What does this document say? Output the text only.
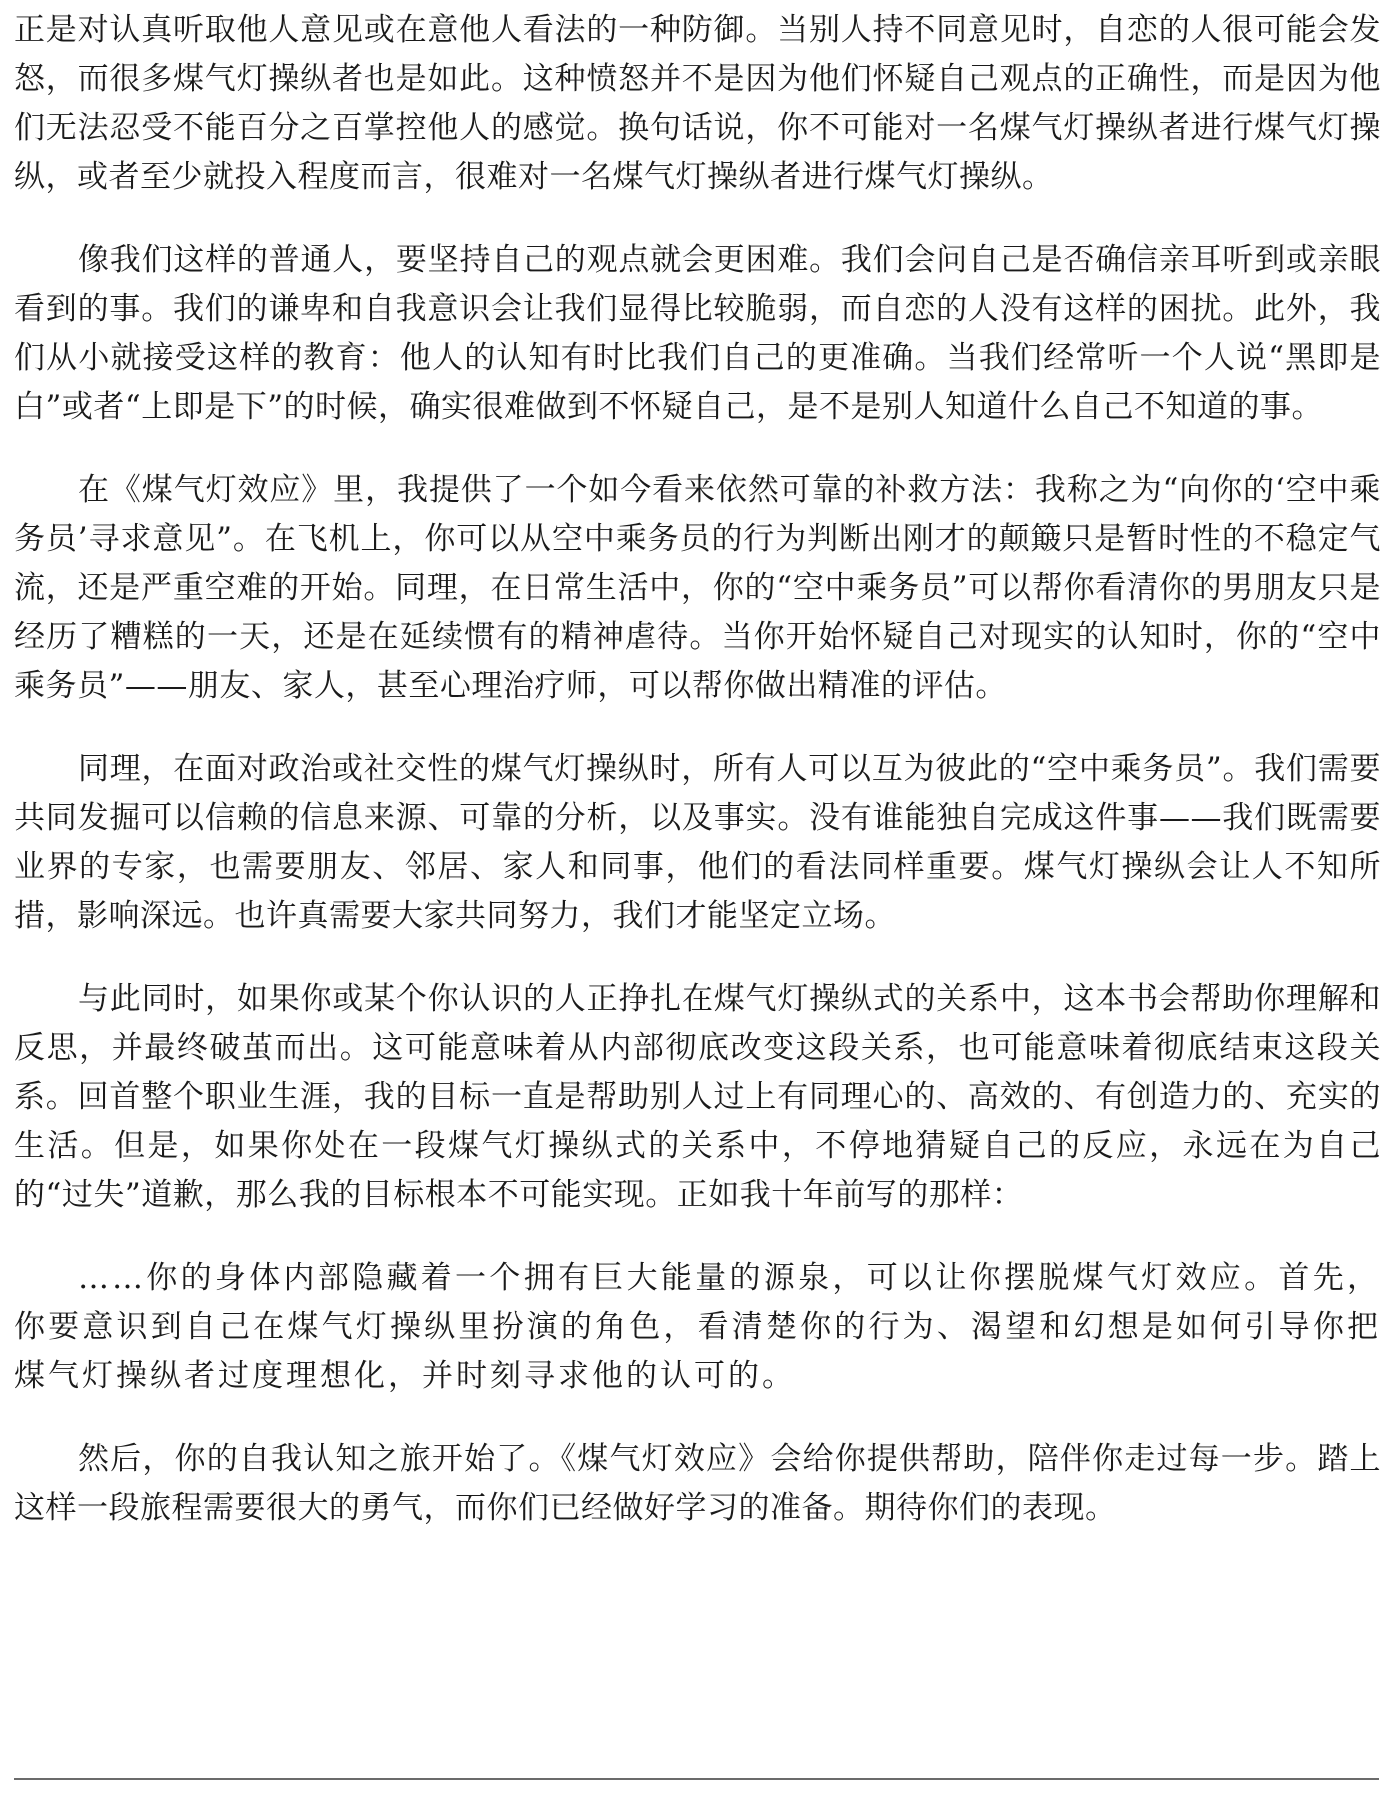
正是对认真听取他人意见或在意他人看法的一种防御。当别人持不同意见时，自恋的人很可能会发怒，而很多煤气灯操纵者也是如此。这种愤怒并不是因为他们怀疑自己观点的正确性，而是因为他们无法忍受不能百分之百掌控他人的感觉。换句话说，你不可能对一名煤气灯操纵者进行煤气灯操纵，或者至少就投入程度而言，很难对一名煤气灯操纵者进行煤气灯操纵。

像我们这样的普通人，要坚持自己的观点就会更困难。我们会问自己是否确信亲耳听到或亲眼看到的事。我们的谦卑和自我意识会让我们显得比较脆弱，而自恋的人没有这样的困扰。此外，我们从小就接受这样的教育：他人的认知有时比我们自己的更准确。当我们经常听一个人说“黑即是白”或者“上即是下”的时候，确实很难做到不怀疑自己，是不是别人知道什么自己不知道的事。

在《煤气灯效应》里，我提供了一个如今看来依然可靠的补救方法：我称之为“向你的‘空中乘务员’寻求意见”。在飞机上，你可以从空中乘务员的行为判断出刚才的颠簸只是暂时性的不稳定气流，还是严重空难的开始。同理，在日常生活中，你的“空中乘务员”可以帮你看清你的男朋友只是经历了糟糕的一天，还是在延续惯有的精神虐待。当你开始怀疑自己对现实的认知时，你的“空中乘务员”——朋友、家人，甚至心理治疗师，可以帮你做出精准的评估。

同理，在面对政治或社交性的煤气灯操纵时，所有人可以互为彼此的“空中乘务员”。我们需要共同发掘可以信赖的信息来源、可靠的分析，以及事实。没有谁能独自完成这件事——我们既需要业界的专家，也需要朋友、邻居、家人和同事，他们的看法同样重要。煤气灯操纵会让人不知所措，影响深远。也许真需要大家共同努力，我们才能坚定立场。

与此同时，如果你或某个你认识的人正挣扎在煤气灯操纵式的关系中，这本书会帮助你理解和反思，并最终破茧而出。这可能意味着从内部彻底改变这段关系，也可能意味着彻底结束这段关系。回首整个职业生涯，我的目标一直是帮助别人过上有同理心的、高效的、有创造力的、充实的生活。但是，如果你处在一段煤气灯操纵式的关系中，不停地猜疑自己的反应，永远在为自己的“过失”道歉，那么我的目标根本不可能实现。正如我十年前写的那样：

……你的身体内部隐藏着一个拥有巨大能量的源泉，可以让你摆脱煤气灯效应。首先，你要意识到自己在煤气灯操纵里扮演的角色，看清楚你的行为、渴望和幻想是如何引导你把煤气灯操纵者过度理想化，并时刻寻求他的认可的。

然后，你的自我认知之旅开始了。《煤气灯效应》会给你提供帮助，陪伴你走过每一步。踏上这样一段旅程需要很大的勇气，而你们已经做好学习的准备。期待你们的表现。
